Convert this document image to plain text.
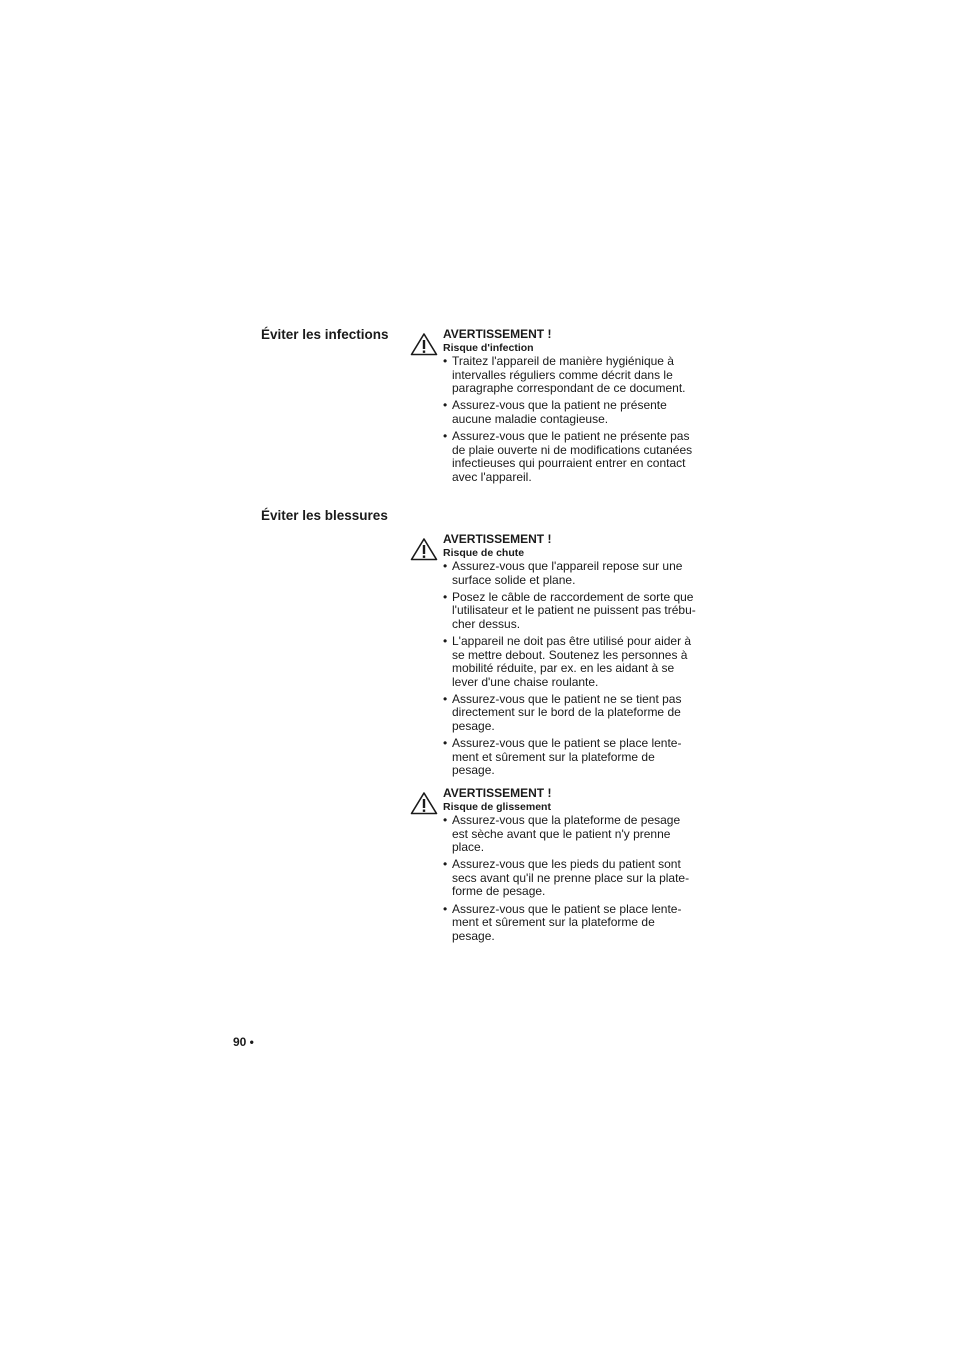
Éviter les infections	AVERTISSEMENT !
Risque d'infection
• Traitez l'appareil de manière hygiénique à intervalles réguliers comme décrit dans le paragraphe correspondant de ce document.
• Assurez-vous que la patient ne présente aucune maladie contagieuse.
• Assurez-vous que le patient ne présente pas de plaie ouverte ni de modifications cutanées infectieuses qui pourraient entrer en contact avec l'appareil.
Éviter les blessures
AVERTISSEMENT !
Risque de chute
• Assurez-vous que l'appareil repose sur une surface solide et plane.
• Posez le câble de raccordement de sorte que l'utilisateur et le patient ne puissent pas trébu-cher dessus.
• L'appareil ne doit pas être utilisé pour aider à se mettre debout. Soutenez les personnes à mobilité réduite, par ex. en les aidant à se lever d'une chaise roulante.
• Assurez-vous que le patient ne se tient pas directement sur le bord de la plateforme de pesage.
• Assurez-vous que le patient se place lente-ment et sûrement sur la plateforme de pesage.
AVERTISSEMENT !
Risque de glissement
• Assurez-vous que la plateforme de pesage est sèche avant que le patient n'y prenne place.
• Assurez-vous que les pieds du patient sont secs avant qu'il ne prenne place sur la plate-forme de pesage.
• Assurez-vous que le patient se place lente-ment et sûrement sur la plateforme de pesage.
90 •
